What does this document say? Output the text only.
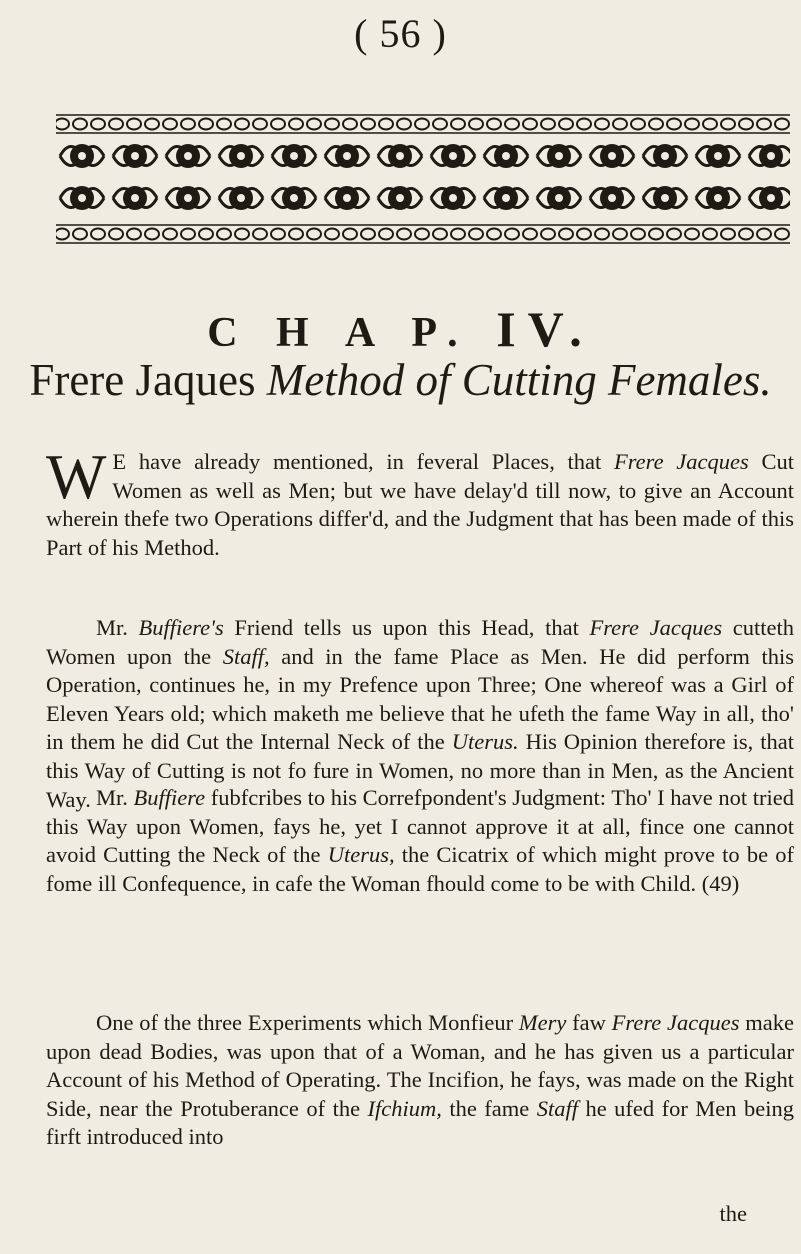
( 56 )
C H A P. IV.
Frere Jaques Method of Cutting Females.

W E have already mentioned, in feveral Places, that Frere Jacques Cut Women as well as Men; but we have delay'd till now, to give an Account wherein thefe two Operations differ'd, and the Judgment that has been made of this Part of his Method.

Mr. Buffiere's Friend tells us upon this Head, that Frere Jacques cutteth Women upon the Staff, and in the fame Place as Men. He did perform this Operation, continues he, in my Prefence upon Three; One whereof was a Girl of Eleven Years old; which maketh me believe that he ufeth the fame Way in all, tho' in them he did Cut the Internal Neck of the Uterus. His Opinion therefore is, that this Way of Cutting is not fo fure in Women, no more than in Men, as the Ancient Way. Mr. Buffiere fubfcribes to his Correfpondent's Judgment: Tho' I have not tried this Way upon Women, fays he, yet I cannot approve it at all, fince one cannot avoid Cutting the Neck of the Uterus, the Cicatrix of which might prove to be of fome ill Confequence, in cafe the Woman fhould come to be with Child. (49)

One of the three Experiments which Monfieur Mery faw Frere Jacques make upon dead Bodies, was upon that of a Woman, and he has given us a particular Account of his Method of Operating. The Incifion, he fays, was made on the Right Side, near the Protuberance of the Ifchium, the fame Staff he ufed for Men being firft introduced into

the
